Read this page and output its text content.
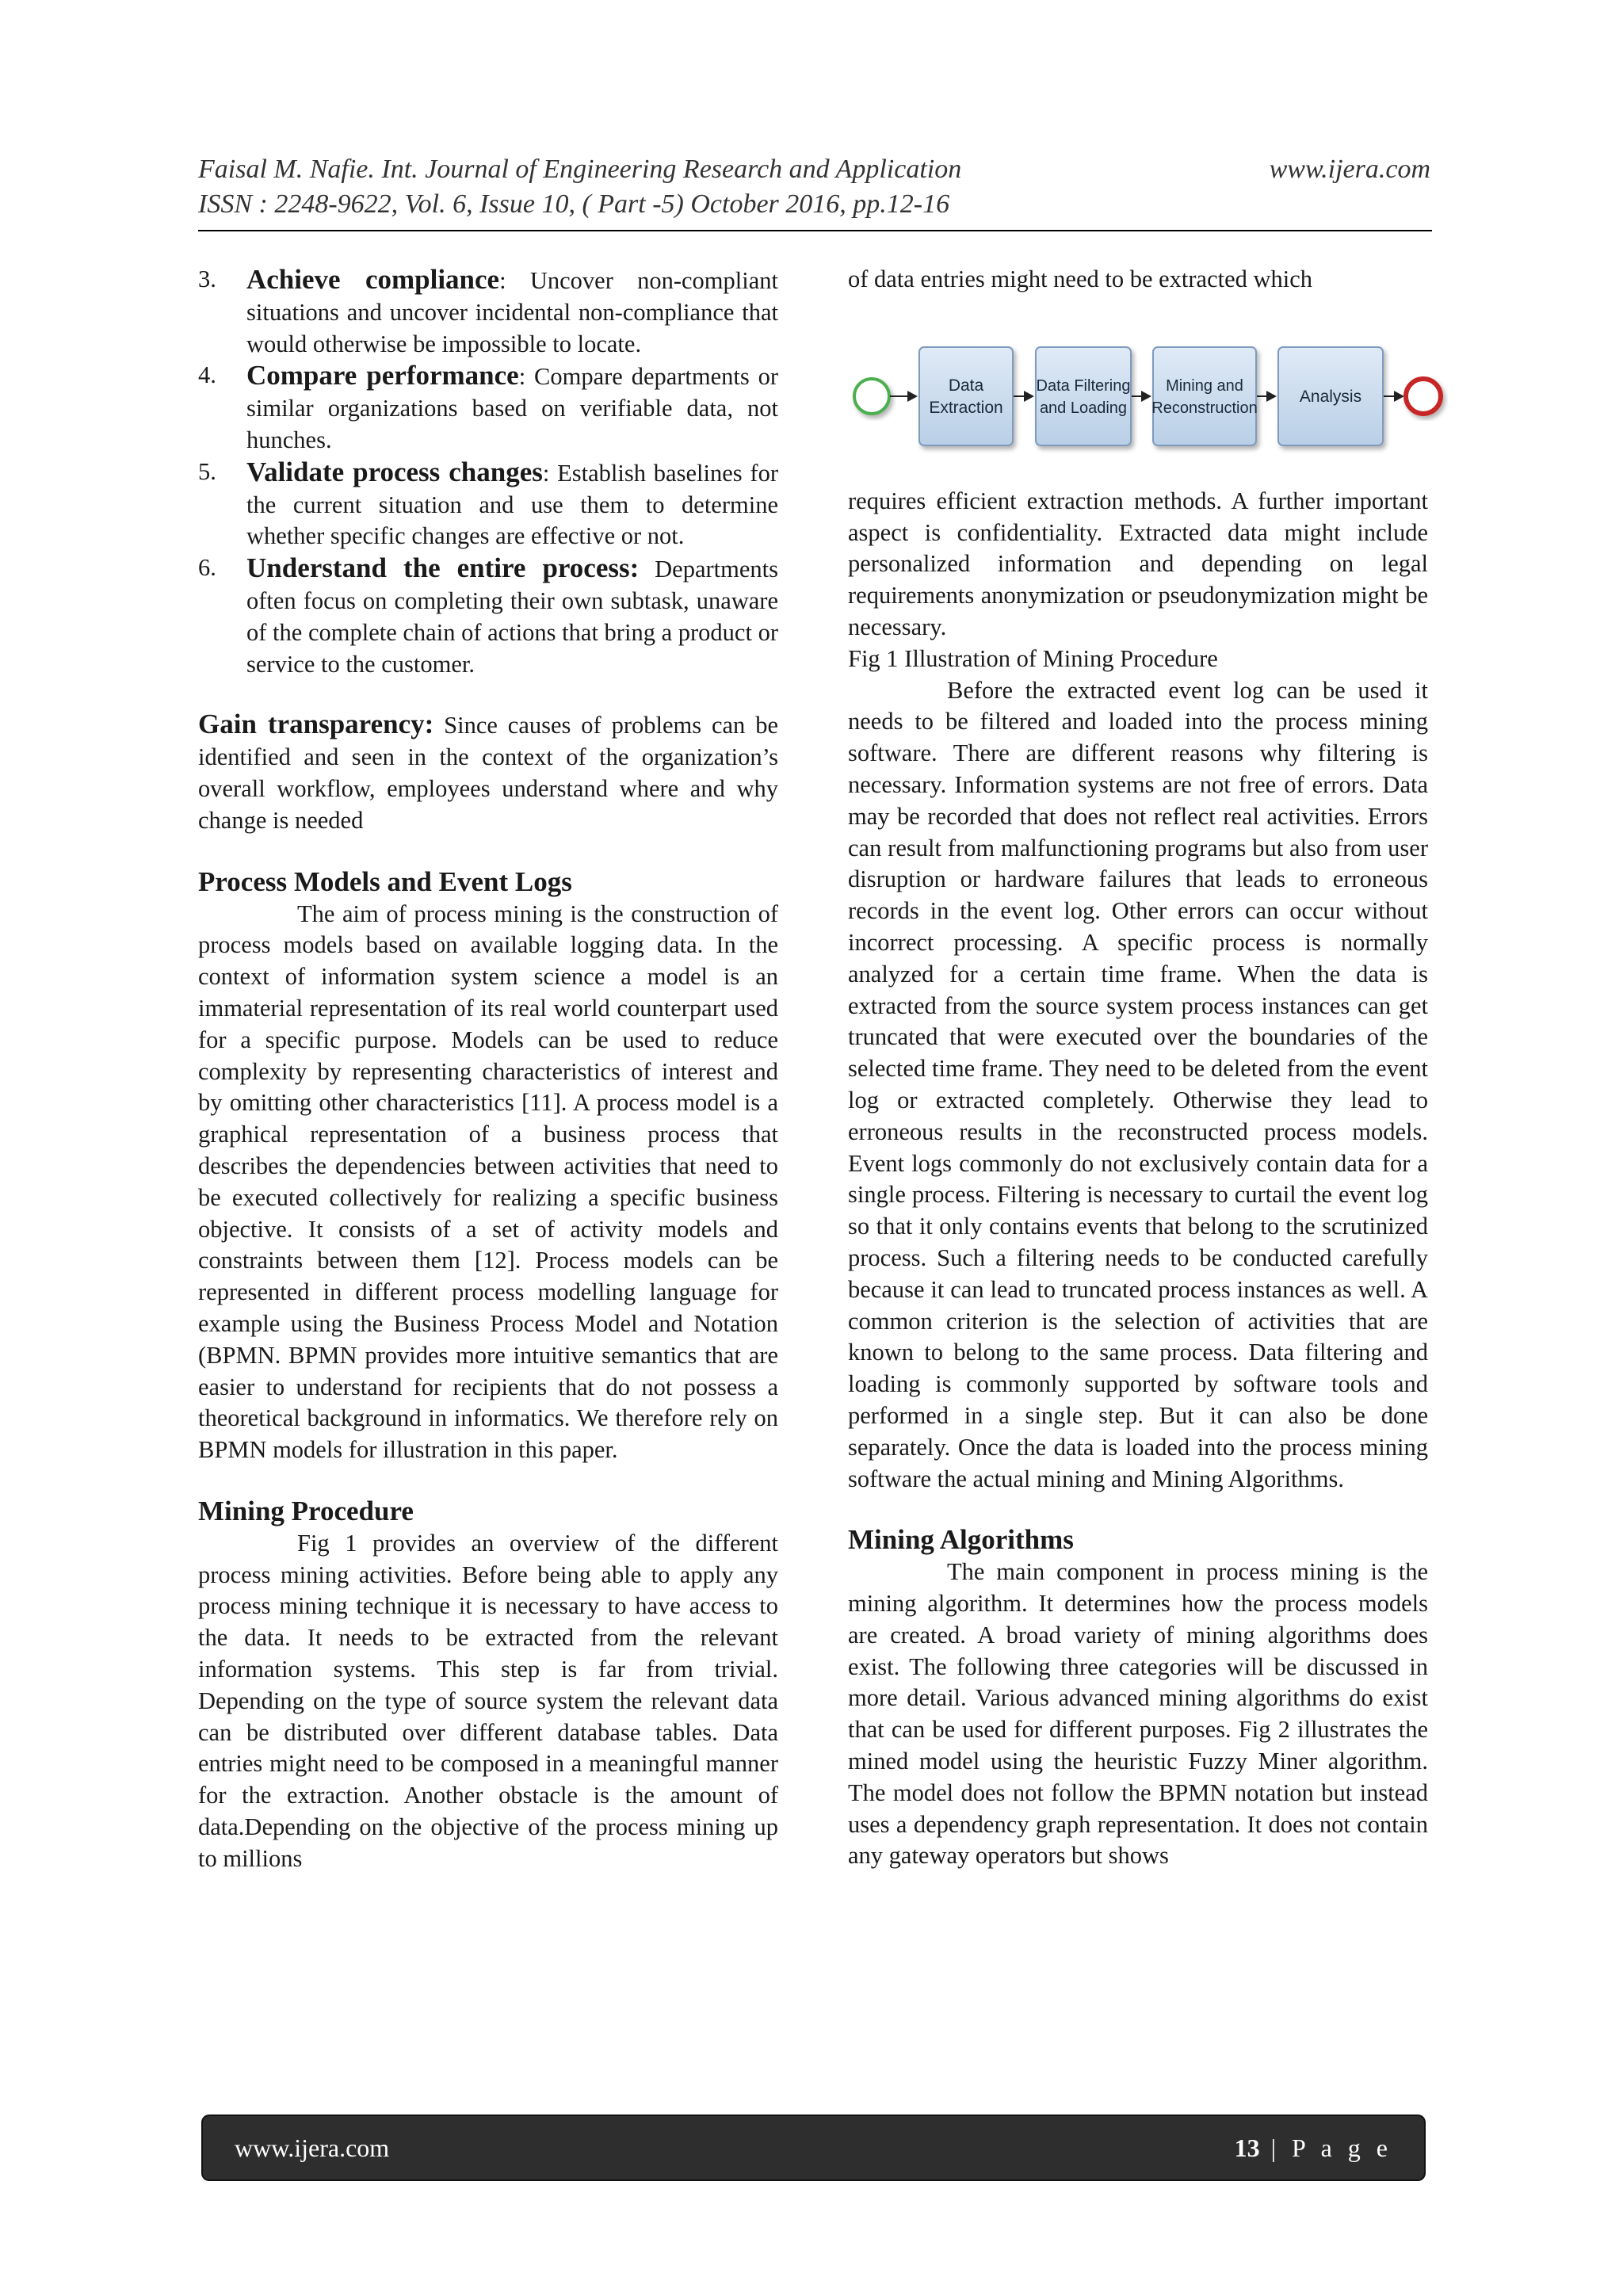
Faisal M. Nafie. Int. Journal of Engineering Research and Application	www.ijera.com
ISSN : 2248-9622, Vol. 6, Issue 10, ( Part -5) October 2016, pp.12-16
3. Achieve compliance: Uncover non-compliant situations and uncover incidental non-compliance that would otherwise be impossible to locate.
4. Compare performance: Compare departments or similar organizations based on verifiable data, not hunches.
5. Validate process changes: Establish baselines for the current situation and use them to determine whether specific changes are effective or not.
6. Understand the entire process: Departments often focus on completing their own subtask, unaware of the complete chain of actions that bring a product or service to the customer.

Gain transparency: Since causes of problems can be identified and seen in the context of the organization’s overall workflow, employees understand where and why change is needed

Process Models and Event Logs

The aim of process mining is the construction of process models based on available logging data. In the context of information system science a model is an immaterial representation of its real world counterpart used for a specific purpose. Models can be used to reduce complexity by representing characteristics of interest and by omitting other characteristics [11]. A process model is a graphical representation of a business process that describes the dependencies between activities that need to be executed collectively for realizing a specific business objective. It consists of a set of activity models and constraints between them [12]. Process models can be represented in different process modelling language for example using the Business Process Model and Notation (BPMN. BPMN provides more intuitive semantics that are easier to understand for recipients that do not possess a theoretical background in informatics. We therefore rely on BPMN models for illustration in this paper.

Mining Procedure

Fig 1 provides an overview of the different process mining activities. Before being able to apply any process mining technique it is necessary to have access to the data. It needs to be extracted from the relevant information systems. This step is far from trivial. Depending on the type of source system the relevant data can be distributed over different database tables. Data entries might need to be composed in a meaningful manner for the extraction. Another obstacle is the amount of data.Depending on the objective of the process mining up to millions

of data entries might need to be extracted which

Data
Extraction
Data Filtering
and Loading
Mining and
Reconstruction
Analysis

requires efficient extraction methods. A further important aspect is confidentiality. Extracted data might include personalized information and depending on legal requirements anonymization or pseudonymization might be necessary.

Fig 1 Illustration of Mining Procedure

Before the extracted event log can be used it needs to be filtered and loaded into the process mining software. There are different reasons why filtering is necessary. Information systems are not free of errors. Data may be recorded that does not reflect real activities. Errors can result from malfunctioning programs but also from user disruption or hardware failures that leads to erroneous records in the event log. Other errors can occur without incorrect processing. A specific process is normally analyzed for a certain time frame. When the data is extracted from the source system process instances can get truncated that were executed over the boundaries of the selected time frame. They need to be deleted from the event log or extracted completely. Otherwise they lead to erroneous results in the reconstructed process models. Event logs commonly do not exclusively contain data for a single process. Filtering is necessary to curtail the event log so that it only contains events that belong to the scrutinized process. Such a filtering needs to be conducted carefully because it can lead to truncated process instances as well. A common criterion is the selection of activities that are known to belong to the same process. Data filtering and loading is commonly supported by software tools and performed in a single step. But it can also be done separately. Once the data is loaded into the process mining software the actual mining and Mining Algorithms.

Mining Algorithms

The main component in process mining is the mining algorithm. It determines how the process models are created. A broad variety of mining algorithms does exist. The following three categories will be discussed in more detail. Various advanced mining algorithms do exist that can be used for different purposes. Fig 2 illustrates the mined model using the heuristic Fuzzy Miner algorithm. The model does not follow the BPMN notation but instead uses a dependency graph representation. It does not contain any gateway operators but shows

www.ijera.com	13 | P a g e
